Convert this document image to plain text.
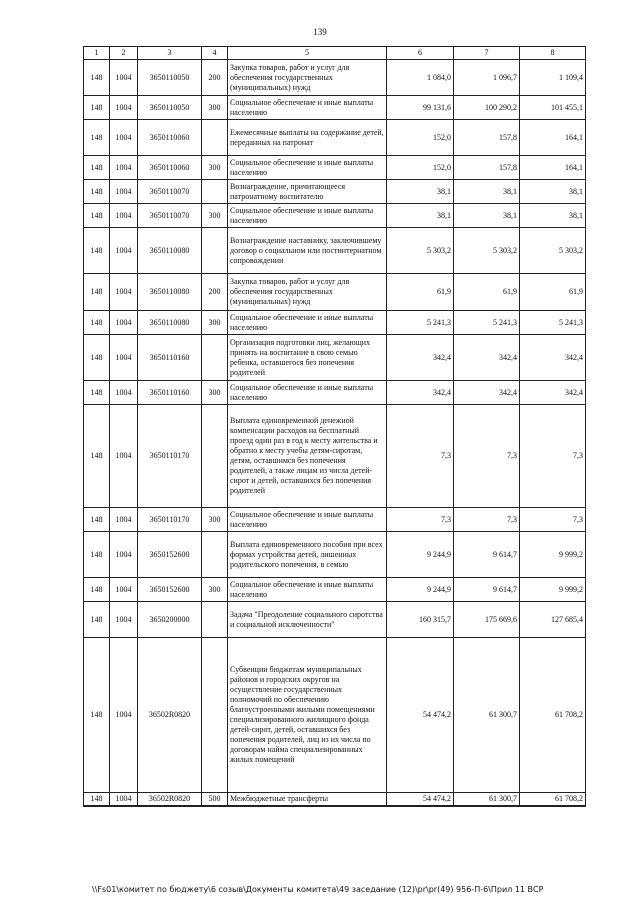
139
1	2	3	4	5	6	7	8
148	1004	3650110050	200	Закупка товаров, работ и услуг для обеспечения государственных (муниципальных) нужд	1 084,0	1 096,7	1 109,4
148	1004	3650110050	300	Социальное обеспечение и иные выплаты населению	99 131,6	100 290,2	101 455,1
148	1004	3650110060		Ежемесячные выплаты на содержание детей, переданных на патронат	152,0	157,8	164,1
148	1004	3650110060	300	Социальное обеспечение и иные выплаты населению	152,0	157,8	164,1
148	1004	3650110070		Вознаграждение, причитающееся патронатному воспитателю	38,1	38,1	38,1
148	1004	3650110070	300	Социальное обеспечение и иные выплаты населению	38,1	38,1	38,1
148	1004	3650110080		Вознаграждение наставнику, заключившему договор о социальном или постинтернатном сопровождении	5 303,2	5 303,2	5 303,2
148	1004	3650110080	200	Закупка товаров, работ и услуг для обеспечения государственных (муниципальных) нужд	61,9	61,9	61,9
148	1004	3650110080	300	Социальное обеспечение и иные выплаты населению	5 241,3	5 241,3	5 241,3
148	1004	3650110160		Организация подготовки лиц, желающих принять на воспитание в свою семью ребенка, оставшегося без попечения родителей	342,4	342,4	342,4
148	1004	3650110160	300	Социальное обеспечение и иные выплаты населению	342,4	342,4	342,4
148	1004	3650110170		Выплата единовременной денежной компенсации расходов на бесплатный проезд один раз в год к месту жительства и обратно к месту учебы детям-сиротам, детям, оставшимся без попечения родителей, а также лицам из числа детей-сирот и детей, оставшихся без попечения родителей	7,3	7,3	7,3
148	1004	3650110170	300	Социальное обеспечение и иные выплаты населению	7,3	7,3	7,3
148	1004	3650152600		Выплата единовременного пособия при всех формах устройства детей, лишенных родительского попечения, в семью	9 244,9	9 614,7	9 999,2
148	1004	3650152600	300	Социальное обеспечение и иные выплаты населению	9 244,9	9 614,7	9 999,2
148	1004	3650200000		Задача "Преодоление социального сиротства и социальной исключенности"	160 315,7	175 669,6	127 685,4
148	1004	36502R0820		Субвенции бюджетам муниципальных районов и городских округов на осуществление государственных полномочий по обеспечению благоустроенными жилыми помещениями специализированного жилищного фонда детей-сирот, детей, оставшихся без попечения родителей, лиц из их числа по договорам найма специализированных жилых помещений	54 474,2	61 300,7	61 708,2
148	1004	36502R0820	500	Межбюджетные трансферты	54 474,2	61 300,7	61 708,2
\\Fs01\комитет по бюджету\6 созыв\Документы комитета\49 заседание (12)\pr\pr(49) 956-П-6\Прил 11 ВСР
